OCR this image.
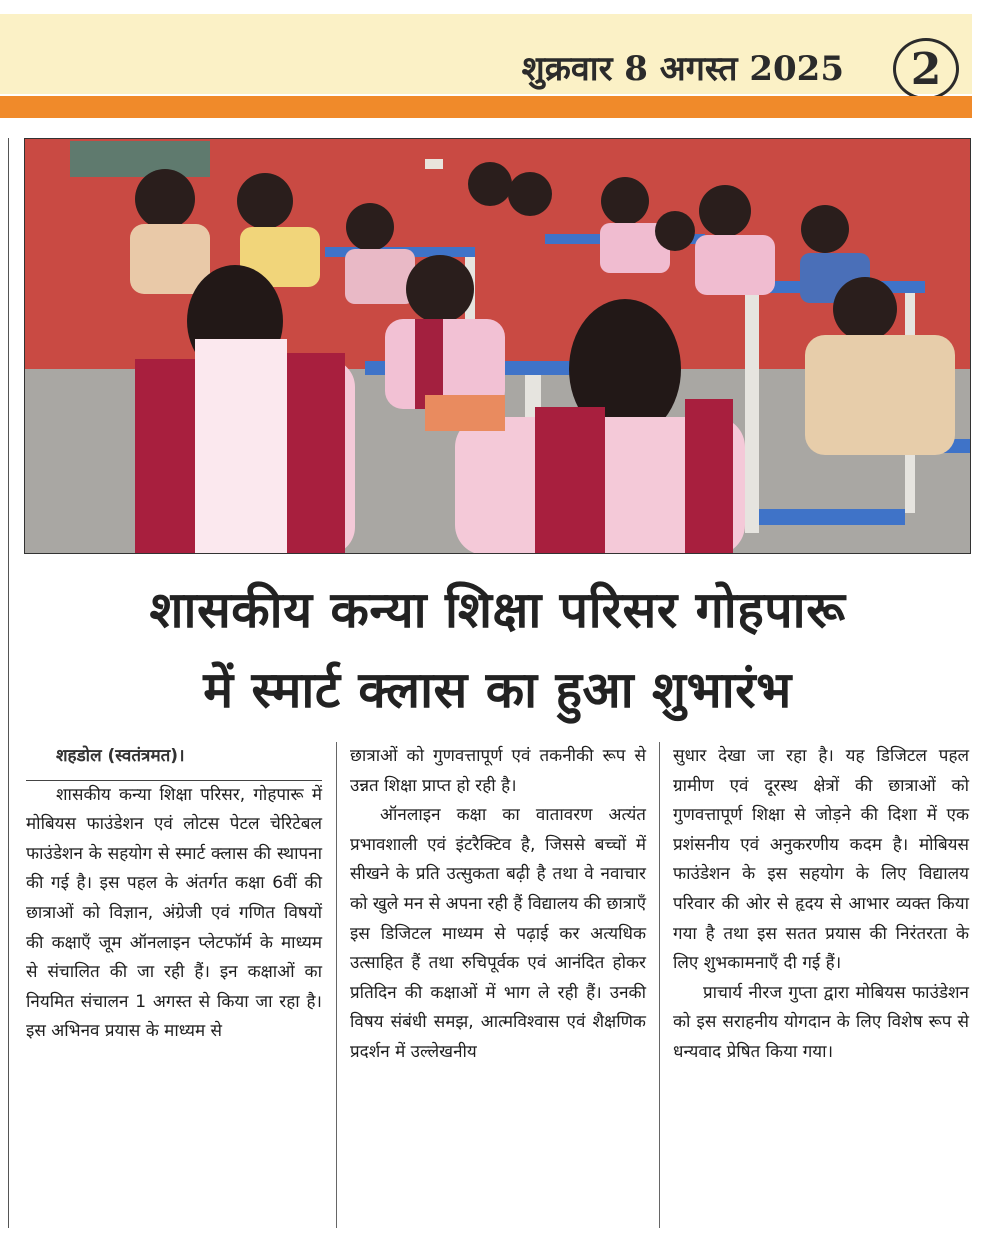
शुक्रवार 8 अगस्त 2025	2
शासकीय कन्या शिक्षा परिसर गोहपारू
में स्मार्ट क्लास का हुआ शुभारंभ

शहडोल (स्वतंत्रमत)।

शासकीय कन्या शिक्षा परिसर, गोहपारू में मोबियस फाउंडेशन एवं लोटस पेटल चेरिटेबल फाउंडेशन के सहयोग से स्मार्ट क्लास की स्थापना की गई है। इस पहल के अंतर्गत कक्षा 6वीं की छात्राओं को विज्ञान, अंग्रेजी एवं गणित विषयों की कक्षाएँ जूम ऑनलाइन प्लेटफॉर्म के माध्यम से संचालित की जा रही हैं। इन कक्षाओं का नियमित संचालन 1 अगस्त से किया जा रहा है। इस अभिनव प्रयास के माध्यम से

छात्राओं को गुणवत्तापूर्ण एवं तकनीकी रूप से उन्नत शिक्षा प्राप्त हो रही है।

ऑनलाइन कक्षा का वातावरण अत्यंत प्रभावशाली एवं इंटरैक्टिव है, जिससे बच्चों में सीखने के प्रति उत्सुकता बढ़ी है तथा वे नवाचार को खुले मन से अपना रही हैं विद्यालय की छात्राएँ इस डिजिटल माध्यम से पढ़ाई कर अत्यधिक उत्साहित हैं तथा रुचिपूर्वक एवं आनंदित होकर प्रतिदिन की कक्षाओं में भाग ले रही हैं। उनकी विषय संबंधी समझ, आत्मविश्वास एवं शैक्षणिक प्रदर्शन में उल्लेखनीय

सुधार देखा जा रहा है। यह डिजिटल पहल ग्रामीण एवं दूरस्थ क्षेत्रों की छात्राओं को गुणवत्तापूर्ण शिक्षा से जोड़ने की दिशा में एक प्रशंसनीय एवं अनुकरणीय कदम है। मोबियस फाउंडेशन के इस सहयोग के लिए विद्यालय परिवार की ओर से हृदय से आभार व्यक्त किया गया है तथा इस सतत प्रयास की निरंतरता के लिए शुभकामनाएँ दी गई हैं।

प्राचार्य नीरज गुप्ता द्वारा मोबियस फाउंडेशन को इस सराहनीय योगदान के लिए विशेष रूप से धन्यवाद प्रेषित किया गया।
